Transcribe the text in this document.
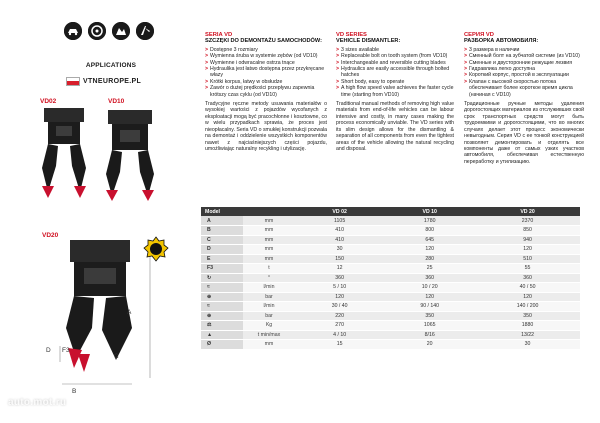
APPLICATIONS
VTNEUROPE.PL
VD02	VD10
VD20
A
B
C
D F3
SERIA VD
SZCZĘKI DO DEMONTAŻU SAMOCHODÓW:
> Dostępne 3 rozmiary
> Wymienna śruba w systemie zębów (od VD10)
> Wymienne i odwracalne ostrza tnące
> Hydraulika jest łatwo dostępna przez przykręcane włazy
> Krótki korpus, łatwy w obsłudze
> Zawór o dużej prędkości przepływu zapewnia krótszy czas cyklu (od VD10)

Tradycyjne ręczne metody usuwania materiałów o wysokiej wartości z pojazdów wycofanych z eksploatacji mogą być pracochłonne i kosztowne, co w wielu przypadkach sprawia, że proces jest nieopłacalny. Seria VD o smukłej konstrukcji pozwala na demontaż i oddzielenie wszystkich komponentów nawet z najciaśniejszych części pojazdu, umożliwiając naturalny recykling i utylizację.

VD SERIES
VEHICLE DISMANTLER:
> 3 sizes available
> Replaceable bolt on tooth system (from VD10)
> Interchangeable and reversible cutting blades
> Hydraulics are easily accessible through bolted hatches
> Short body, easy to operate
> A high flow speed valve achieves the faster cycle time (starting from VD10)

Traditional manual methods of removing high value materials from end-of-life vehicles can be labour intensive and costly, in many cases making the process economically unviable. The VD series with its slim design allows for the dismantling & separation of all components from even the tightest areas of the vehicle allowing the natural recycling and disposal.

СЕРИЯ VD
РАЗБОРКА АВТОМОБИЛЯ:
> 3 размера в наличии
> Сменный болт на зубчатой системе (из VD10)
> Сменные и двусторонние режущие лезвия
> Гидравлика легко доступна
> Короткий корпус, простой в эксплуатации
> Клапан с высокой скоростью потока обеспечивает более короткое время цикла (начиная с VD10)

Традиционные ручные методы удаления дорогостоящих материалов из отслуживших свой срок транспортных средств могут быть трудоемкими и дорогостоящими, что во многих случаях делает этот процесс экономически невыгодным. Серия VD с ее тонкой конструкцией позволяет демонтировать и отделять все компоненты даже от самых узких участков автомобиля, обеспечивая естественную переработку и утилизацию.

Model		VD 02	VD 10	VD 20
A	mm	1105	1780	2370
B	mm	410	800	850
C	mm	410	645	940
D	mm	30	120	120
E	mm	150	280	510
F3	t	12	25	55
↻	°	360	360	360
≈	l/min	5 / 10	10 / 20	40 / 50
⊕	bar	120	120	120
≈	l/min	30 / 40	90 / 140	140 / 200
⊕	bar	220	350	350
⚖	Kg	270	1065	1880
▲	t min/max	4 / 10	8/16	13/22
Ø	mm	15	20	30
auto.mot.ru
